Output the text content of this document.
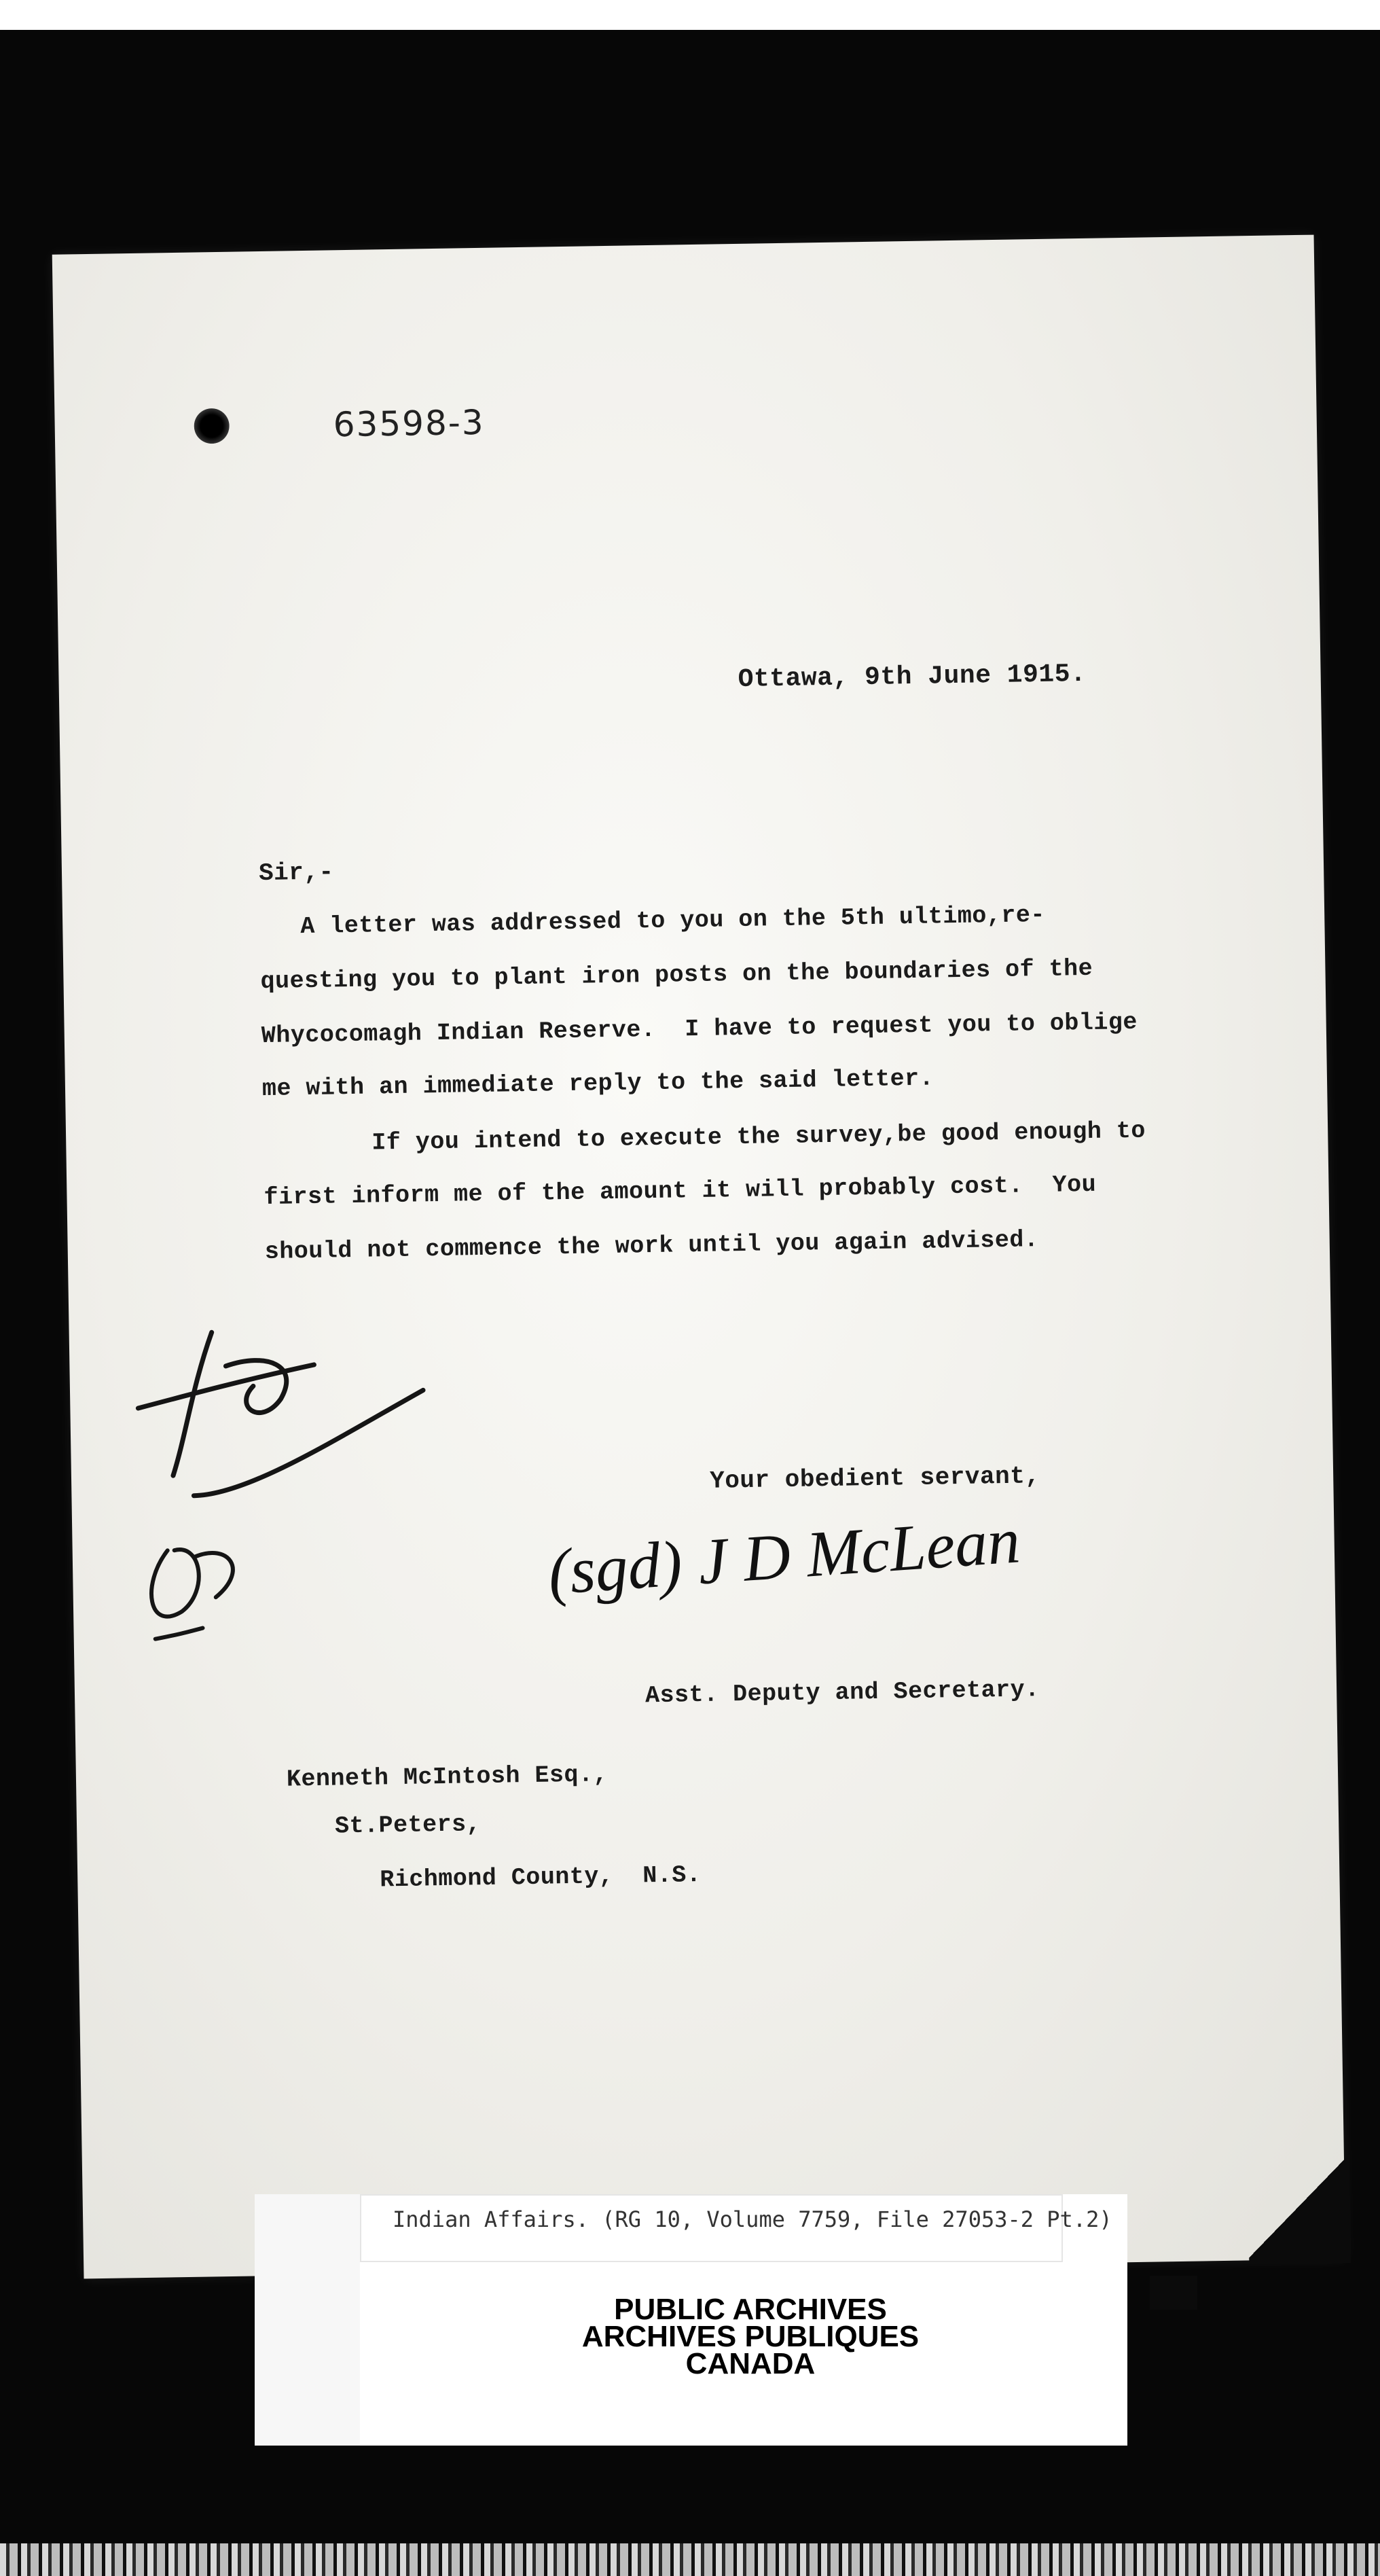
63598-3
Ottawa, 9th June 1915.
Sir,-
A letter was addressed to you on the 5th ultimo,re-
questing you to plant iron posts on the boundaries of the
Whycocomagh Indian Reserve.  I have to request you to oblige
me with an immediate reply to the said letter.
If you intend to execute the survey,be good enough to
first inform me of the amount it will probably cost.  You
should not commence the work until you again advised.
Your obedient servant,
(sgd) J D McLean
Asst. Deputy and Secretary.
Kenneth McIntosh Esq.,
St.Peters,
Richmond County,  N.S.
Indian Affairs. (RG 10, Volume 7759, File 27053-2 Pt.2)
PUBLIC ARCHIVES
ARCHIVES PUBLIQUES
CANADA
